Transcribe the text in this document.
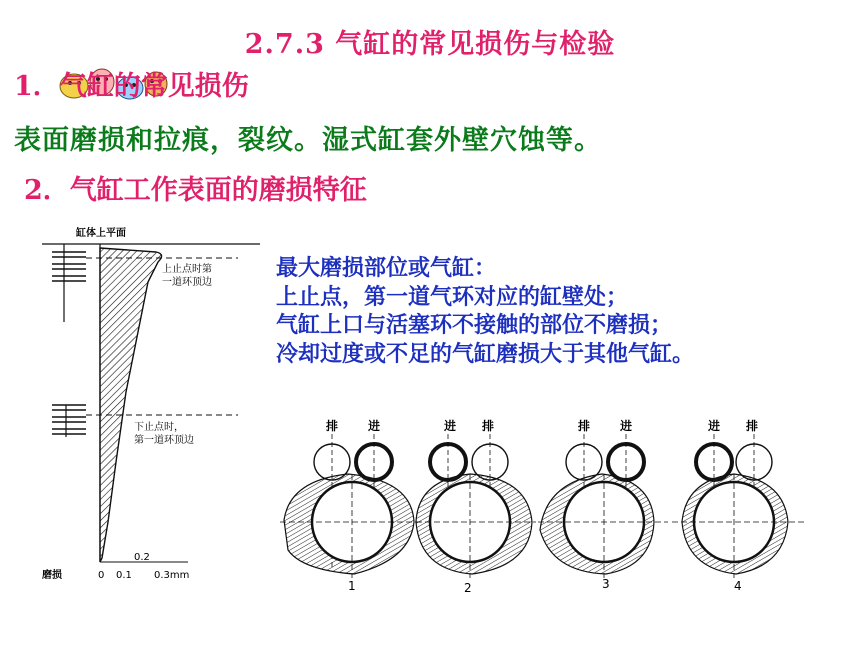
2.7.3 气缸的常见损伤与检验
1．气缸的常见损伤
表面磨损和拉痕，裂纹。湿式缸套外壁穴蚀等。
2．气缸工作表面的磨损特征
缸体上平面
上止点时第
一道环顶边
下止点时，
第一道环顶边
0.2
磨损	0 0.1 0.3mm
最大磨损部位或气缸：
上止点，第一道气环对应的缸壁处；
气缸上口与活塞环不接触的部位不磨损；
冷却过度或不足的气缸磨损大于其他气缸。
排 进
1
进 排
2
排 进
3
进 排
4
